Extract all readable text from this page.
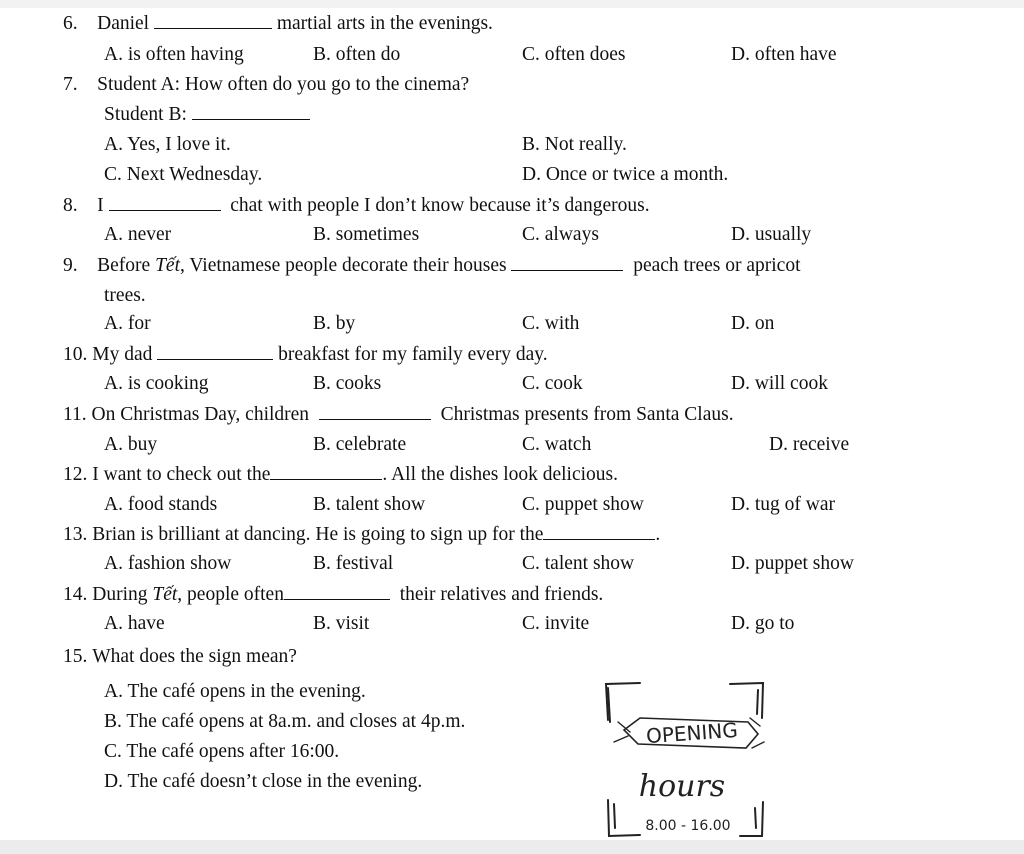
6. Daniel	martial arts in the evenings.
A. is often having	B. often do	C. often does	D. often have
7. Student A: How often do you go to the cinema?
Student B:
A. Yes, I love it.	B. Not really.
C. Next Wednesday.	D. Once or twice a month.
8. I	chat with people I don’t know because it’s dangerous.
A. never	B. sometimes	C. always	D. usually
9. Before Tết, Vietnamese people decorate their houses	peach trees or apricot
trees.
A. for	B. by	C. with	D. on
10. My dad	breakfast for my family every day.
A. is cooking	B. cooks	C. cook	D. will cook
11. On Christmas Day, children	Christmas presents from Santa Claus.
A. buy	B. celebrate	C. watch	D. receive
12. I want to check out the	. All the dishes look delicious.
A. food stands	B. talent show	C. puppet show	D. tug of war
13. Brian is brilliant at dancing. He is going to sign up for the	.
A. fashion show	B. festival	C. talent show	D. puppet show
14. During Tết, people often	their relatives and friends.
A. have	B. visit	C. invite	D. go to
15. What does the sign mean?
A. The café opens in the evening.
B. The café opens at 8a.m. and closes at 4p.m.
C. The café opens after 16:00.
D. The café doesn’t close in the evening.
OPENING
hours
8.00 - 16.00
